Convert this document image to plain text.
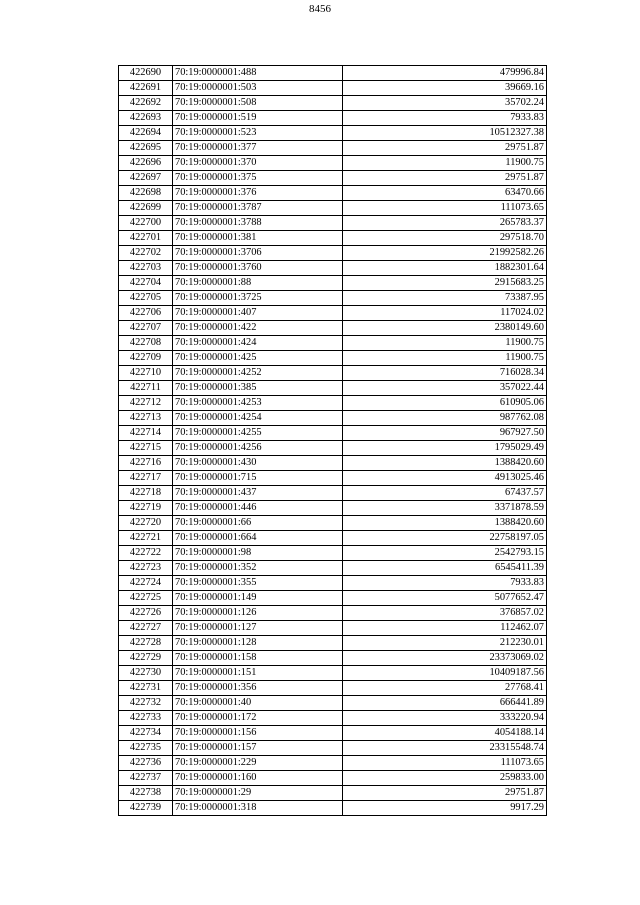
8456
422690	70:19:0000001:488	479996.84
422691	70:19:0000001:503	39669.16
422692	70:19:0000001:508	35702.24
422693	70:19:0000001:519	7933.83
422694	70:19:0000001:523	10512327.38
422695	70:19:0000001:377	29751.87
422696	70:19:0000001:370	11900.75
422697	70:19:0000001:375	29751.87
422698	70:19:0000001:376	63470.66
422699	70:19:0000001:3787	111073.65
422700	70:19:0000001:3788	265783.37
422701	70:19:0000001:381	297518.70
422702	70:19:0000001:3706	21992582.26
422703	70:19:0000001:3760	1882301.64
422704	70:19:0000001:88	2915683.25
422705	70:19:0000001:3725	73387.95
422706	70:19:0000001:407	117024.02
422707	70:19:0000001:422	2380149.60
422708	70:19:0000001:424	11900.75
422709	70:19:0000001:425	11900.75
422710	70:19:0000001:4252	716028.34
422711	70:19:0000001:385	357022.44
422712	70:19:0000001:4253	610905.06
422713	70:19:0000001:4254	987762.08
422714	70:19:0000001:4255	967927.50
422715	70:19:0000001:4256	1795029.49
422716	70:19:0000001:430	1388420.60
422717	70:19:0000001:715	4913025.46
422718	70:19:0000001:437	67437.57
422719	70:19:0000001:446	3371878.59
422720	70:19:0000001:66	1388420.60
422721	70:19:0000001:664	22758197.05
422722	70:19:0000001:98	2542793.15
422723	70:19:0000001:352	6545411.39
422724	70:19:0000001:355	7933.83
422725	70:19:0000001:149	5077652.47
422726	70:19:0000001:126	376857.02
422727	70:19:0000001:127	112462.07
422728	70:19:0000001:128	212230.01
422729	70:19:0000001:158	23373069.02
422730	70:19:0000001:151	10409187.56
422731	70:19:0000001:356	27768.41
422732	70:19:0000001:40	666441.89
422733	70:19:0000001:172	333220.94
422734	70:19:0000001:156	4054188.14
422735	70:19:0000001:157	23315548.74
422736	70:19:0000001:229	111073.65
422737	70:19:0000001:160	259833.00
422738	70:19:0000001:29	29751.87
422739	70:19:0000001:318	9917.29
